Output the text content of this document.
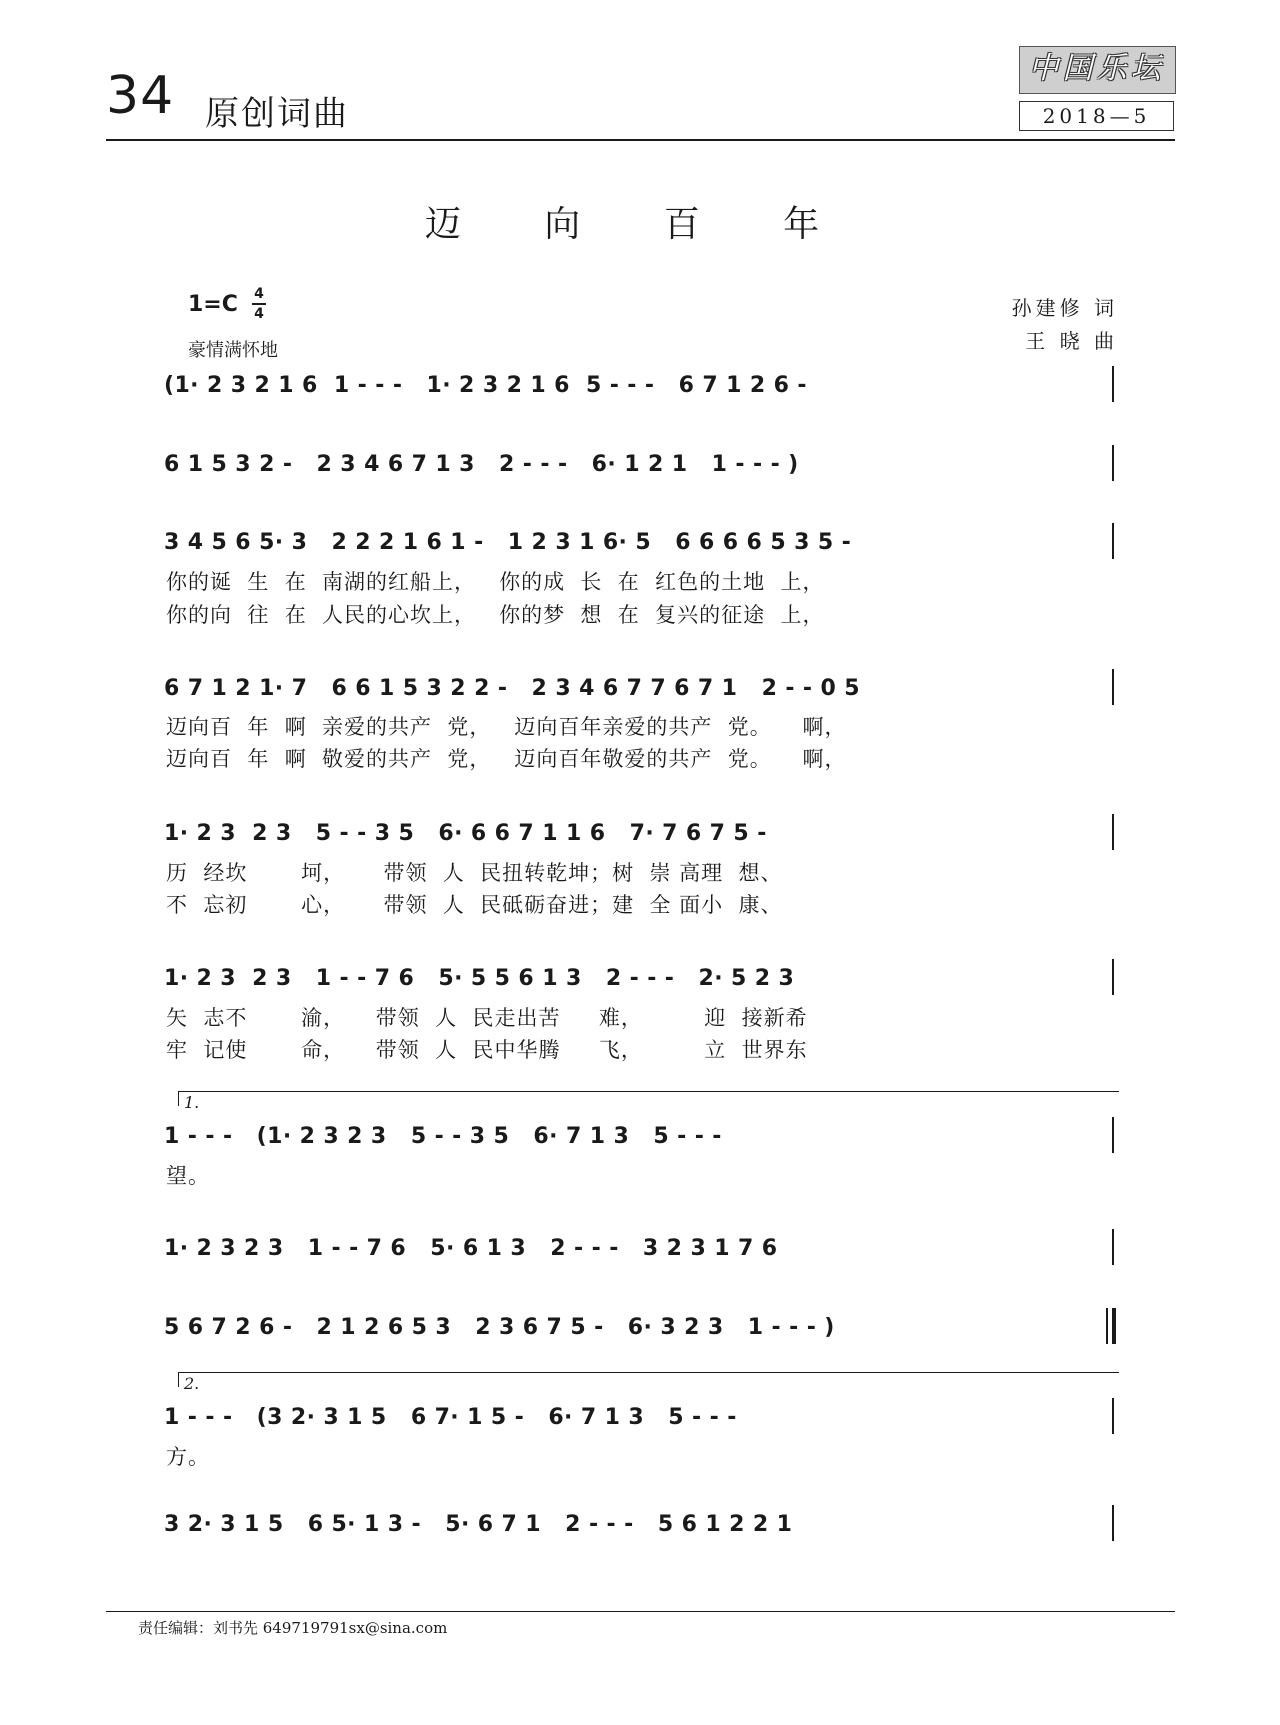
34 原创词曲
中国乐坛
2018—5
迈 向 百 年
1=C 4
4
豪情满怀地
孙建修 词
王 晓 曲
(1· 2 3 2 1 6  1 - - -   1· 2 3 2 1 6  5 - - -   6 7 1 2 6 -
6 1 5 3 2 -   2 3 4 6 7 1 3   2 - - -   6· 1 2 1   1 - - - )
3 4 5 6 5· 3   2 2 2 1 6 1 -   1 2 3 1 6· 5   6 6 6 6 5 3 5 -
你的诞  生  在  南湖的红船上，   你的成  长  在  红色的土地  上，
你的向  往  在  人民的心坎上，   你的梦  想  在  复兴的征途  上，
6 7 1 2 1· 7   6 6 1 5 3 2 2 -   2 3 4 6 7 7 6 7 1   2 - - 0 5
迈向百  年  啊  亲爱的共产  党，   迈向百年亲爱的共产  党。    啊，
迈向百  年  啊  敬爱的共产  党，   迈向百年敬爱的共产  党。    啊，
1· 2 3  2 3   5 - - 3 5   6· 6 6 7 1 1 6   7· 7 6 7 5 -
历  经坎       坷，     带领  人  民扭转乾坤；树  崇 高理  想、
不  忘初       心，     带领  人  民砥砺奋进；建  全 面小  康、
1· 2 3  2 3   1 - - 7 6   5· 5 5 6 1 3   2 - - -   2· 5 2 3
矢  志不       渝，    带领  人  民走出苦     难，        迎  接新希
牢  记使       命，    带领  人  民中华腾     飞，        立  世界东
1.
1 - - -   (1· 2 3 2 3   5 - - 3 5   6· 7 1 3   5 - - -
望。
1· 2 3 2 3   1 - - 7 6   5· 6 1 3   2 - - -   3 2 3 1 7 6
5 6 7 2 6 -   2 1 2 6 5 3   2 3 6 7 5 -   6· 3 2 3   1 - - - )
2.
1 - - -   (3 2· 3 1 5   6 7· 1 5 -   6· 7 1 3   5 - - -
方。
3 2· 3 1 5   6 5· 1 3 -   5· 6 7 1   2 - - -   5 6 1 2 2 1
责任编辑：刘书先 649719791sx@sina.com
